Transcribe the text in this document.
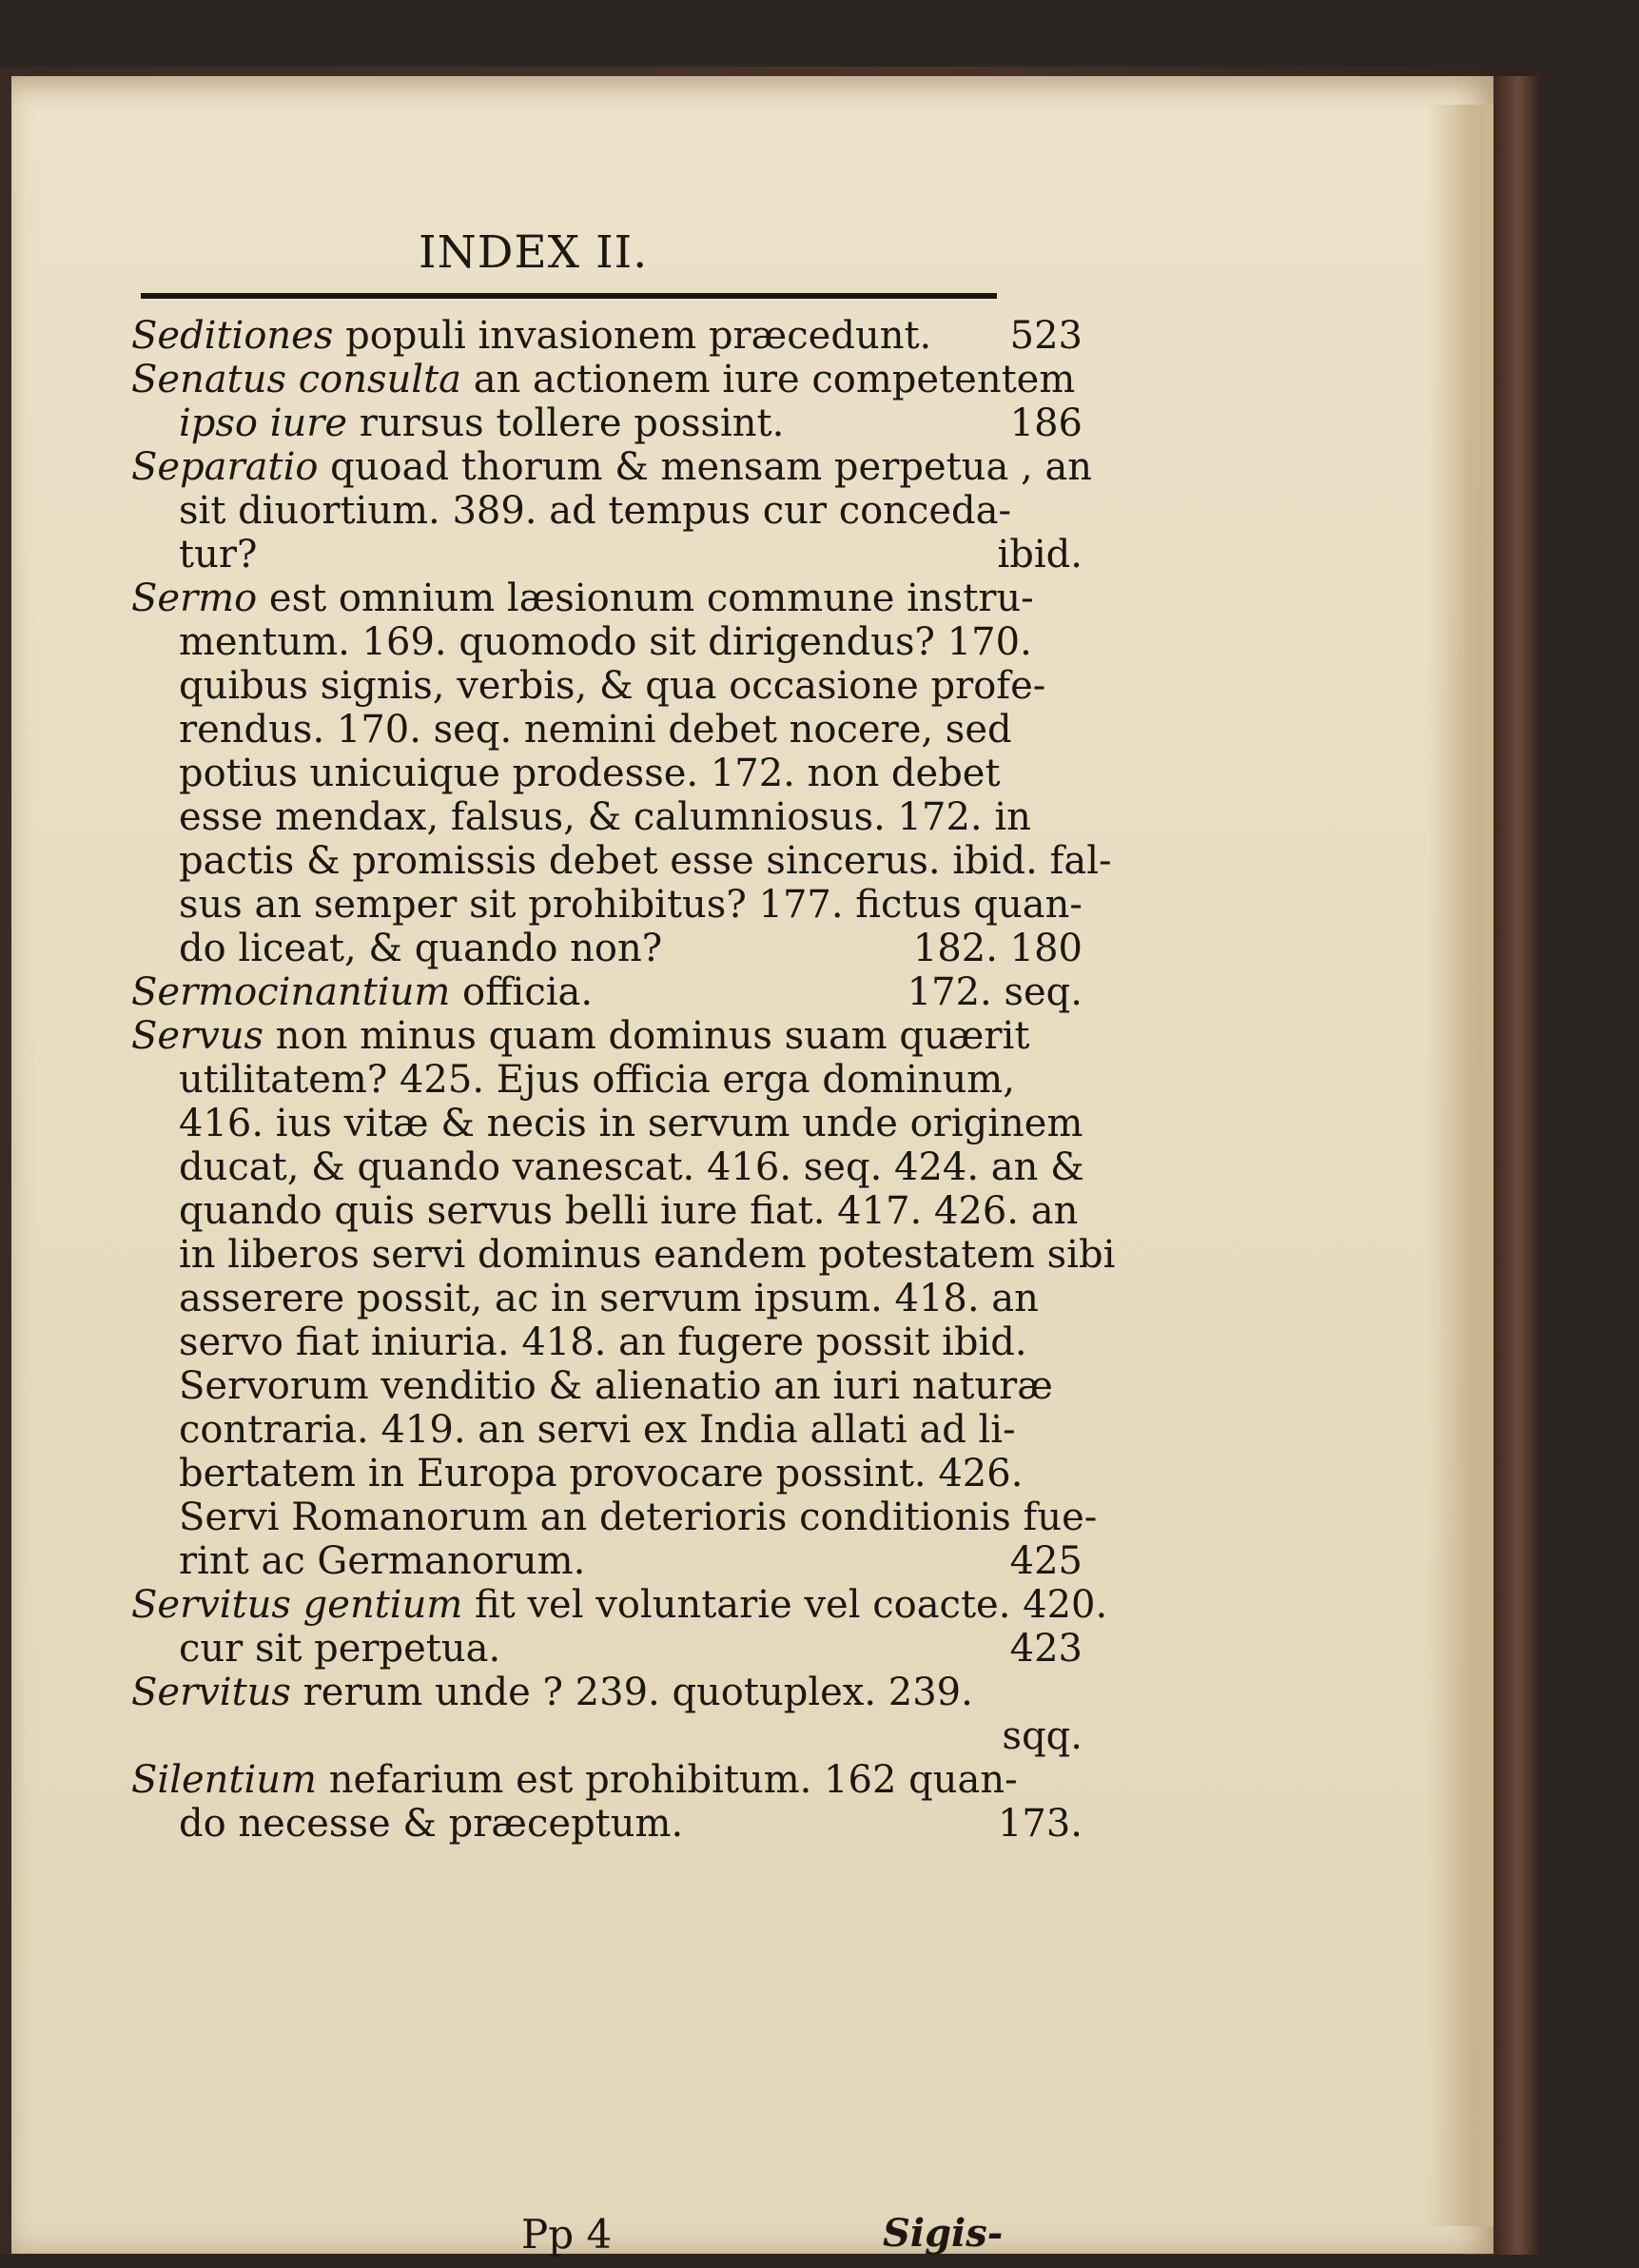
INDEX II.
Seditiones populi invasionem præcedunt. 523
Senatus consulta an actionem iure competentem
ipso iure rursus tollere possint.	186
Separatio quoad thorum & mensam perpetua , an
sit diuortium. 389. ad tempus cur conceda-
tur?	ibid.
Sermo est omnium læsionum commune instru-
mentum. 169. quomodo sit dirigendus? 170.
quibus signis, verbis, & qua occasione profe-
rendus. 170. seq. nemini debet nocere, sed
potius unicuique prodesse. 172. non debet
esse mendax, falsus, & calumniosus. 172. in
pactis & promissis debet esse sincerus. ibid. fal-
sus an semper sit prohibitus? 177. fictus quan-
do liceat, & quando non?	182. 180
Sermocinantium officia.	172. seq.
Servus non minus quam dominus suam quærit
utilitatem? 425. Ejus officia erga dominum,
416. ius vitæ & necis in servum unde originem
ducat, & quando vanescat. 416. seq. 424. an &
quando quis servus belli iure fiat. 417. 426. an
in liberos servi dominus eandem potestatem sibi
asserere possit, ac in servum ipsum. 418. an
servo fiat iniuria. 418. an fugere possit ibid.
Servorum venditio & alienatio an iuri naturæ
contraria. 419. an servi ex India allati ad li-
bertatem in Europa provocare possint. 426.
Servi Romanorum an deterioris conditionis fue-
rint ac Germanorum.	425
Servitus gentium fit vel voluntarie vel coacte. 420.
cur sit perpetua.	423
Servitus rerum unde ? 239. quotuplex. 239.
sqq.
Silentium nefarium est prohibitum. 162 quan-
do necesse & præceptum.	173.
Pp 4	Sigis-
